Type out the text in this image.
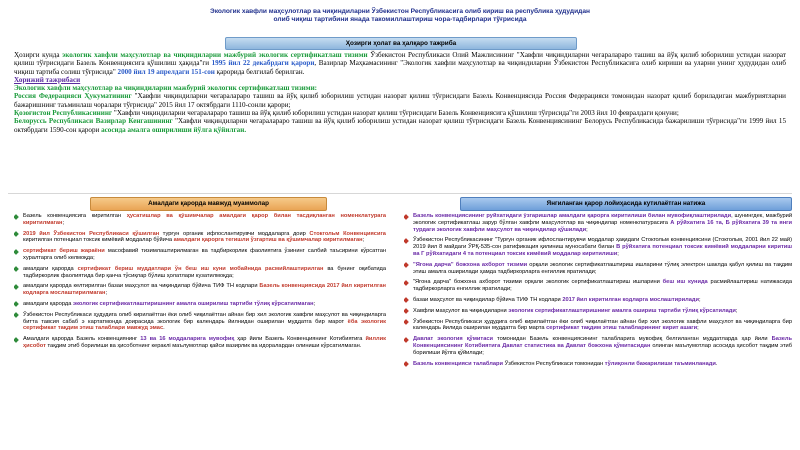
Экологик хавфли маҳсулотлар ва чиқиндиларни Ўзбекистон Республикасига олиб кириш ва республика ҳудудидан
олиб чиқиш тартибини янада такомиллаштириш чора-тадбирлари тўғрисида
Ҳозирги ҳолат ва ҳалқаро тажриба

Ҳозирги кунда экологик хавфли маҳсулотлар ва чиқиндиларни мажбурий экологик сертификатлаш тизими Ўзбекистон Республикаси Олий Мажлисининг "Хавфли чиқиндиларни чегаралараро ташиш ва йўқ қилиб юборилиш устидан назорат қилиш тўғрисидаги Базель Конвенциясига қўшилиш ҳақида"ги 1995 йил 22 декабрдаги қарори, Вазирлар Маҳкамасининг "Экологик хавфли маҳсулотлар ва чиқиндиларни Ўзбекистон Республикасига олиб кириши ва уларни унинг ҳудудидан олиб чиқиш тартиба солиш тўғрисида" 2000 йил 19 апрелдаги 151-сон қарорида белгилаб берилган.

Хорижий тажрибаси

Экологик хавфли маҳсулотлар ва чиқиндиларни мажбурий экологик сертификатлаш тизими:

Россия Федерацияси Ҳукуматининг "Хавфли чиқиндиларни чегаралараро ташиш ва йўқ қилиб юборилиш устидан назорат қилиш тўғрисидаги Базель Конвенциясида Россия Федерацияси томонидан назорат қилиб бориладиган мажбуриятларни бажаришнинг таъминлаш чоралари тўғрисида" 2015 йил 17 октябрдаги 1110-сонли қарори;

Қозоғистон Республикасининг "Хавфли чиқиндиларни чегаралараро ташиш ва йўқ қилиб юборилиш устидан назорат қилиш тўғрисидаги Базель Конвенциясига қўшилиш тўғрисида"ги 2003 йил 10 февралдаги қонуни;

Белоруссь Республикаси Вазирлар Кенгашининг "Хавфли чиқиндиларни чегаралараро ташиш ва йўқ қилиб юборилиш устидан назорат қилиш тўғрисидаги Базель Конвенциясининг Белорусь Республикасида бажарилиши тўғрисида"ги 1999 йил 15 октябрдаги 1590-сон қарори асосида амалга оширилиши йўлга қўйилган.

Амалдаги қарорда мавжуд муаммолар	Янгиланган қарор лойиҳасида кутилаётган натижа
Базель конвенциясига киритилган ҳусатишлар ва қўшимчалар амалдаги қарор билан тасдиқланган номенклатурага киритилмаган;
2019 йил Ўзбекистон Республикаси қўшилган турғун органик ифлослантирувчи моддаларга доир Стокгольм Конвенциясига киритилган потенциал токсик кимёвий моддалар бўйича амалдаги қарорга тегишли ўзгартиш ва қўшимчалар киритилмаган;
сертификат бериш жараёни масофавий тизимлаштирилмаган ва тадбиркорлик фаолиятига ўзининг салбий таъсирини кўрсатган хуралтарга олиб келмоқда;
амалдаги қарорда сертификат бериш муддатлари ўн беш иш куни мобайнида расмийлаштирилган ва бунинг оқибатида тадбиркорлик фаолиятида бир қанча тўсиқлар бўлиш ҳолатлари кузатилмоқда;
амалдаги қарорда келтирилган базаи маҳсулот ва чиқиндилар бўйича ТИФ ТН кодлари Базель конвенциясида 2017 йил киритилган кодларга мослаштирилмаган;
амалдаги қарорда экологик сертификатлаштиришнинг амалга оширилиш тартиби тўлиқ кўрсатилмаган;
Ўзбекистон Республикаси ҳудудига олиб кирилаётган ёки олиб чиқилаётган айнан бир хил экологик хавфли маҳсулот ва чиқиндиларга битта тавсия сабаб э картатмонда доирасида экологик бир календарь йилнидан оширилан муддатга бир марот ёба экологик сертификат тақдим этиш талаблари мавжуд эмас.
Амалдаги қарорда Базель конвенциянинг 13 ва 16 моддаларига мувофиқ ҳар йили Базель Конвенциянинг Котибиятига йиллик ҳисобот тақдим этиб борилиши ва ҳисоботнинг кераклі маълумотлар қайси вазирлик ва идоралардан олиниши кўрсатилмаган.
Базель конвенциясининг руйхатидаги ўзгаришлар амалдаги қарорга киритилиши билан мувофиқлаштирилади, шунингдек, мажбурий экологик сертификатлаш зарур бўлган хавфли маҳсулотлар ва чиқиндилар номенклатурасига А рўйхатига 16 та, Б рўйхатига 39 та янги турдаги экологик хавфли маҳсулот ва чиқиндилар қўшилади;
Ўзбекистон Республикасининг "Турғун органик ифлослантирувчи моддалар ҳақидаги Стокгольм конвенциясини (Стокгольм, 2001 йил 22 май) 2019 йил 8 майдаги ЎРҚ-535-сон ратификация қилиниш муносабати билан В рўйхатига потенциал токсик кимёвий моддаларни киритиш ва Г рўйхатидаги 4 та потенциал токсик кимёвий моддалар киритилиши;
"Ягона дарча" божхона ахборот тизими орқали экологик сертификатлаштириш ишларини тўлиқ электрон шаклда қабул қилиш ва тақдим этиш амалга оширилади ҳамда тадбиркорларга енгиллик яратилади;
"Ягона дарча" божхона ахборот тизими орқали экологик сертификатлаштириш ишларини беш иш кунида расмийлаштириш натижасида тадбиркорларга енгиллик яратилади;
базаи маҳсулот ва чиқиндилар бўйича ТИФ ТН кодлари 2017 йил киритилган кодларга мослаштирилади;
Хавфли маҳсулот ва чиқиндиларни экологик сертификатлаштиришнинг амалга ошириш тартиби тўлиқ кўрсатилади;
Ўзбекистон Республикаси ҳудудига олиб кирилаётган ёки олиб чиқилаётган айнан бир хил экологик хавфли маҳсулот ва чиқиндиларга бир календарь йилида оширилан муддатга бир марта сертификат тақдим этиш талабларининг кирит ашаги;
Давлат экология қўмитаси томонидан Базель конвенциясининг талабларига мувофиқ белгиланган муддатларда ҳар йили Базель Конвенциясининг Котибиятига Давлат статистика ва Давлат божхона қўмитасидан олинган маълумотлар асосида ҳисобот тақдим этиб борилиши йўлга қўйилади;
Базель конвенцияси талаблари Ўзбекистон Республикаси томонидан тўлиқонли бажарилиши таъминланади.
